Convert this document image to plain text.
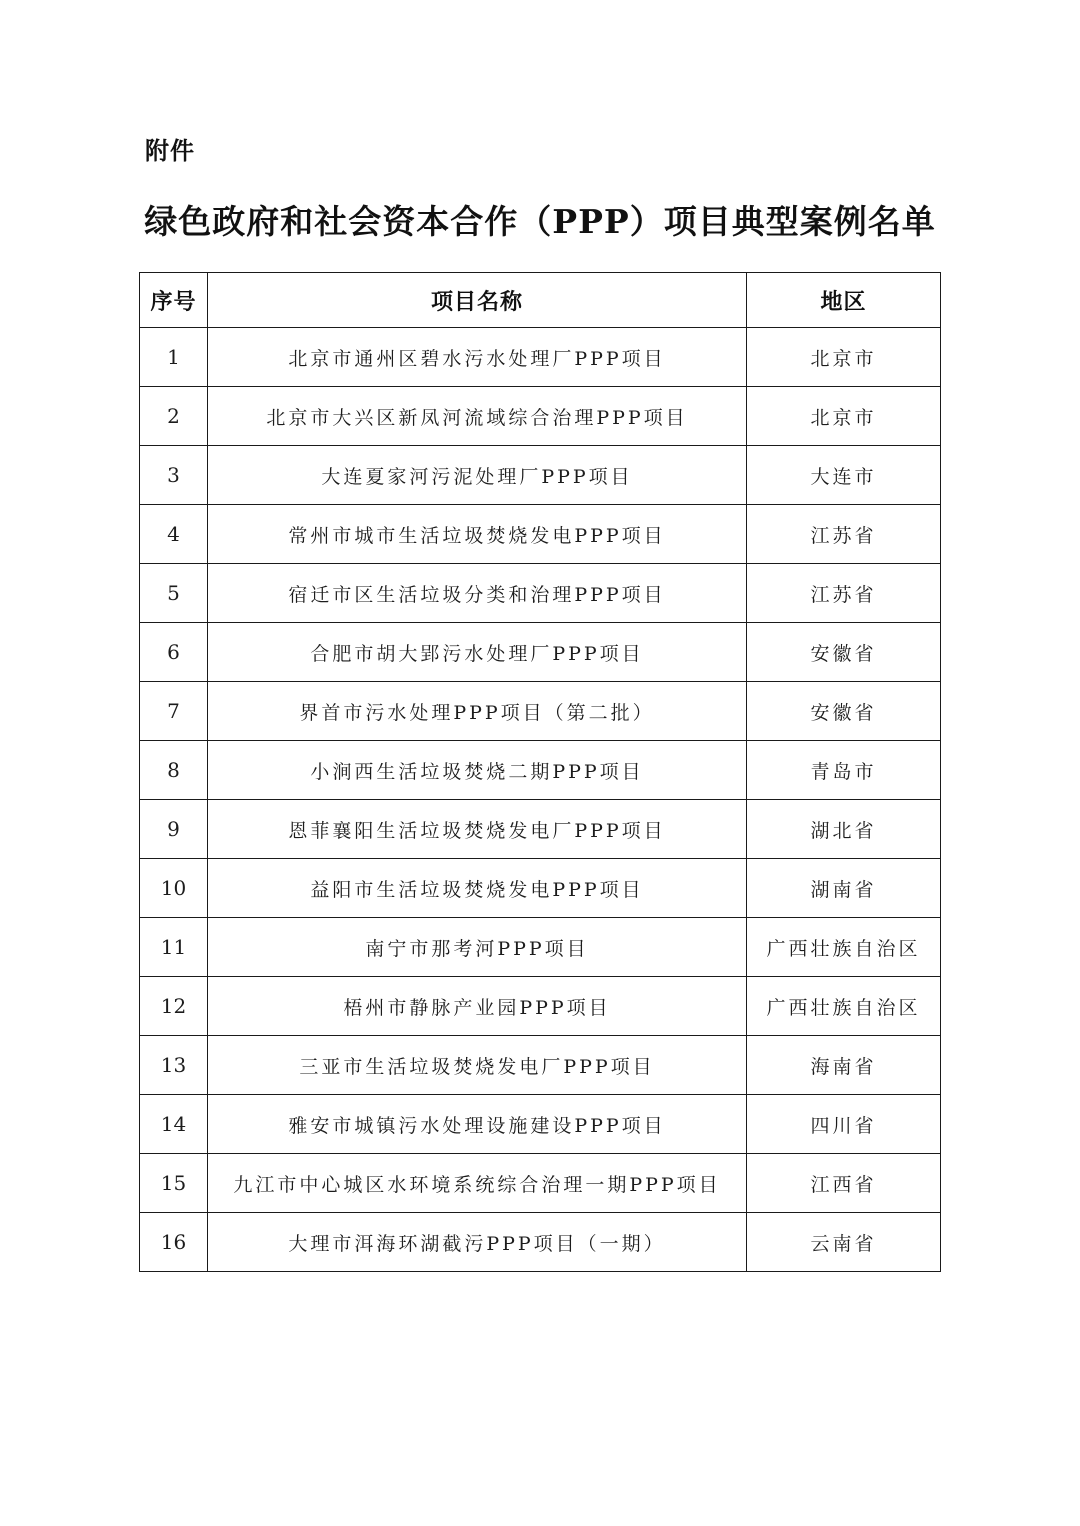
附件
绿色政府和社会资本合作（PPP）项目典型案例名单
序号	项目名称	地区
1	北京市通州区碧水污水处理厂PPP项目	北京市
2	北京市大兴区新凤河流域综合治理PPP项目	北京市
3	大连夏家河污泥处理厂PPP项目	大连市
4	常州市城市生活垃圾焚烧发电PPP项目	江苏省
5	宿迁市区生活垃圾分类和治理PPP项目	江苏省
6	合肥市胡大郢污水处理厂PPP项目	安徽省
7	界首市污水处理PPP项目（第二批）	安徽省
8	小涧西生活垃圾焚烧二期PPP项目	青岛市
9	恩菲襄阳生活垃圾焚烧发电厂PPP项目	湖北省
10	益阳市生活垃圾焚烧发电PPP项目	湖南省
11	南宁市那考河PPP项目	广西壮族自治区
12	梧州市静脉产业园PPP项目	广西壮族自治区
13	三亚市生活垃圾焚烧发电厂PPP项目	海南省
14	雅安市城镇污水处理设施建设PPP项目	四川省
15	九江市中心城区水环境系统综合治理一期PPP项目	江西省
16	大理市洱海环湖截污PPP项目（一期）	云南省
